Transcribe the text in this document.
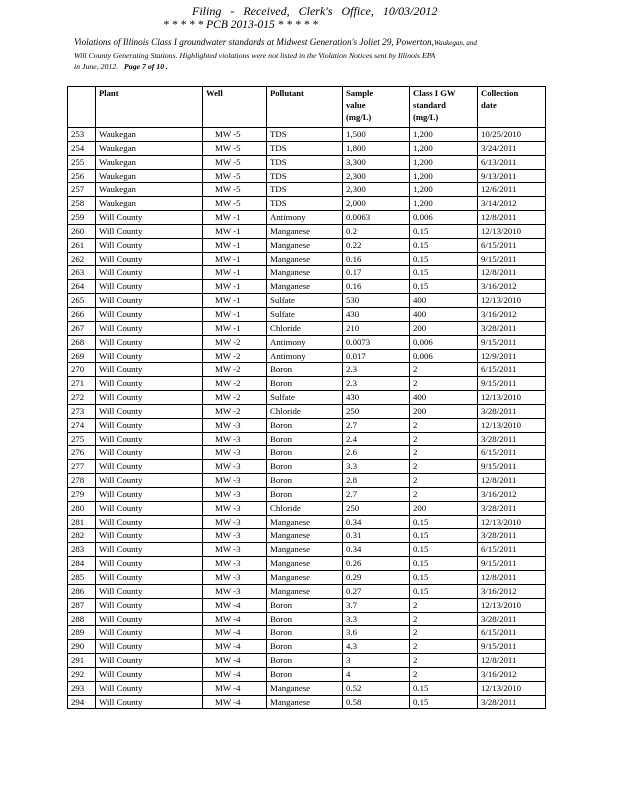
Filing - Received, Clerk's Office, 10/03/2012
* * * * * PCB 2013-015 * * * * *
Violations of Illinois Class I groundwater standards at Midwest Generation's Joliet 29, Powerton,Waukegan, and
Will County Generating Stations. Highlighted violations were not listed in the Violation Notices sent by Illinois EPA
in June, 2012. Page 7 of 10 .
	Plant	Well	Pollutant	Sample value (mg/L)	Class I GW standard (mg/L)	Collection date
253	Waukegan	MW -5	TDS	1,500	1,200	10/25/2010
254	Waukegan	MW -5	TDS	1,800	1,200	3/24/2011
255	Waukegan	MW -5	TDS	3,300	1,200	6/13/2011
256	Waukegan	MW -5	TDS	2,300	1,200	9/13/2011
257	Waukegan	MW -5	TDS	2,300	1,200	12/6/2011
258	Waukegan	MW -5	TDS	2,000	1,200	3/14/2012
259	Will County	MW -1	Antimony	0.0063	0.006	12/8/2011
260	Will County	MW -1	Manganese	0.2	0.15	12/13/2010
261	Will County	MW -1	Manganese	0.22	0.15	6/15/2011
262	Will County	MW -1	Manganese	0.16	0.15	9/15/2011
263	Will County	MW -1	Manganese	0.17	0.15	12/8/2011
264	Will County	MW -1	Manganese	0.16	0.15	3/16/2012
265	Will County	MW -1	Sulfate	530	400	12/13/2010
266	Will County	MW -1	Sulfate	430	400	3/16/2012
267	Will County	MW -1	Chloride	210	200	3/28/2011
268	Will County	MW -2	Antimony	0.0073	0.006	9/15/2011
269	Will County	MW -2	Antimony	0.017	0.006	12/9/2011
270	Will County	MW -2	Boron	2.3	2	6/15/2011
271	Will County	MW -2	Boron	2.3	2	9/15/2011
272	Will County	MW -2	Sulfate	430	400	12/13/2010
273	Will County	MW -2	Chloride	250	200	3/28/2011
274	Will County	MW -3	Boron	2.7	2	12/13/2010
275	Will County	MW -3	Boron	2.4	2	3/28/2011
276	Will County	MW -3	Boron	2.6	2	6/15/2011
277	Will County	MW -3	Boron	3.3	2	9/15/2011
278	Will County	MW -3	Boron	2.8	2	12/8/2011
279	Will County	MW -3	Boron	2.7	2	3/16/2012
280	Will County	MW -3	Chloride	250	200	3/28/2011
281	Will County	MW -3	Manganese	0.34	0.15	12/13/2010
282	Will County	MW -3	Manganese	0.31	0.15	3/28/2011
283	Will County	MW -3	Manganese	0.34	0.15	6/15/2011
284	Will County	MW -3	Manganese	0.26	0.15	9/15/2011
285	Will County	MW -3	Manganese	0.29	0.15	12/8/2011
286	Will County	MW -3	Manganese	0.27	0.15	3/16/2012
287	Will County	MW -4	Boron	3.7	2	12/13/2010
288	Will County	MW -4	Boron	3.3	2	3/28/2011
289	Will County	MW -4	Boron	3.6	2	6/15/2011
290	Will County	MW -4	Boron	4.3	2	9/15/2011
291	Will County	MW -4	Boron	3	2	12/8/2011
292	Will County	MW -4	Boron	4	2	3/16/2012
293	Will County	MW -4	Manganese	0.52	0.15	12/13/2010
294	Will County	MW -4	Manganese	0.58	0.15	3/28/2011
